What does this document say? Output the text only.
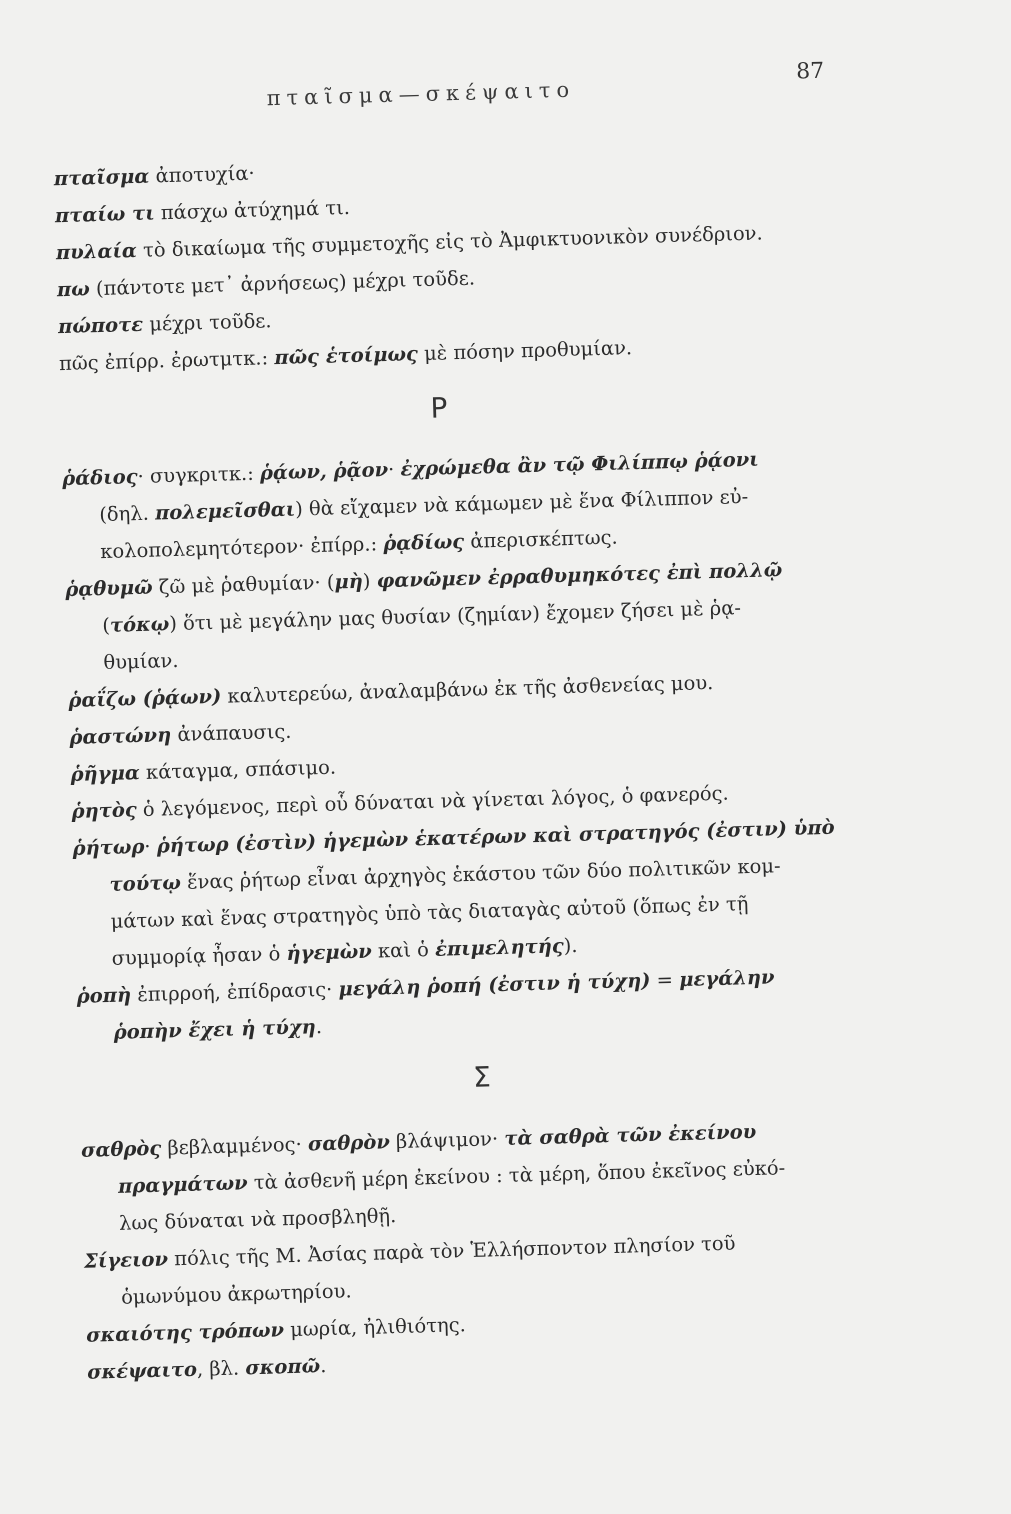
πταῖσμα—σκέψαιτο
87

πταῖσμα ἀποτυχία·

πταίω τι πάσχω ἀτύχημά τι.

πυλαία τὸ δικαίωμα τῆς συμμετοχῆς εἰς τὸ Ἀμφικτυονικὸν συνέδριον.

πω (πάντοτε μετ᾽ ἀρνήσεως) μέχρι τοῦδε.

πώποτε μέχρι τοῦδε.

πῶς ἐπίρρ. ἐρωτμτκ.: πῶς ἑτοίμως μὲ πόσην προθυμίαν.

Ρ

ῥάδιος· συγκριτκ.: ῥᾴων, ῥᾷον· ἐχρώμεθα ἂν τῷ Φιλίππῳ ῥᾴονι
(δηλ. πολεμεῖσθαι) θὰ εἴχαμεν νὰ κάμωμεν μὲ ἕνα Φίλιππον εὐ-
κολοπολεμητότερον· ἐπίρρ.: ῥᾳδίως ἀπερισκέπτως.

ῥᾳθυμῶ ζῶ μὲ ῥαθυμίαν· (μὴ) φανῶμεν ἐρραθυμηκότες ἐπὶ πολλῷ
(τόκῳ) ὅτι μὲ μεγάλην μας θυσίαν (ζημίαν) ἔχομεν ζήσει μὲ ῥᾳ-
θυμίαν.

ῥαΐζω (ῥᾴων) καλυτερεύω, ἀναλαμβάνω ἐκ τῆς ἀσθενείας μου.

ῥαστώνη ἀνάπαυσις.

ῥῆγμα κάταγμα, σπάσιμο.

ῥητὸς ὁ λεγόμενος, περὶ οὗ δύναται νὰ γίνεται λόγος, ὁ φανερός.

ῥήτωρ· ῥήτωρ (ἐστὶν) ἡγεμὼν ἑκατέρων καὶ στρατηγός (ἐστιν) ὑπὸ
τούτῳ ἕνας ῥήτωρ εἶναι ἀρχηγὸς ἑκάστου τῶν δύο πολιτικῶν κομ-
μάτων καὶ ἕνας στρατηγὸς ὑπὸ τὰς διαταγὰς αὐτοῦ (ὅπως ἐν τῇ
συμμορίᾳ ἦσαν ὁ ἡγεμὼν καὶ ὁ ἐπιμελητής).

ῥοπὴ ἐπιρροή, ἐπίδρασις· μεγάλη ῥοπή (ἐστιν ἡ τύχη) = μεγάλην
ῥοπὴν ἔχει ἡ τύχη.

Σ

σαθρὸς βεβλαμμένος· σαθρὸν βλάψιμον· τὰ σαθρὰ τῶν ἐκείνου
πραγμάτων τὰ ἀσθενῆ μέρη ἐκείνου : τὰ μέρη, ὅπου ἐκεῖνος εὐκό-
λως δύναται νὰ προσβληθῇ.

Σίγειον πόλις τῆς Μ. Ἀσίας παρὰ τὸν Ἑλλήσποντον πλησίον τοῦ
ὁμωνύμου ἀκρωτηρίου.

σκαιότης τρόπων μωρία, ἠλιθιότης.

σκέψαιτο, βλ. σκοπῶ.
